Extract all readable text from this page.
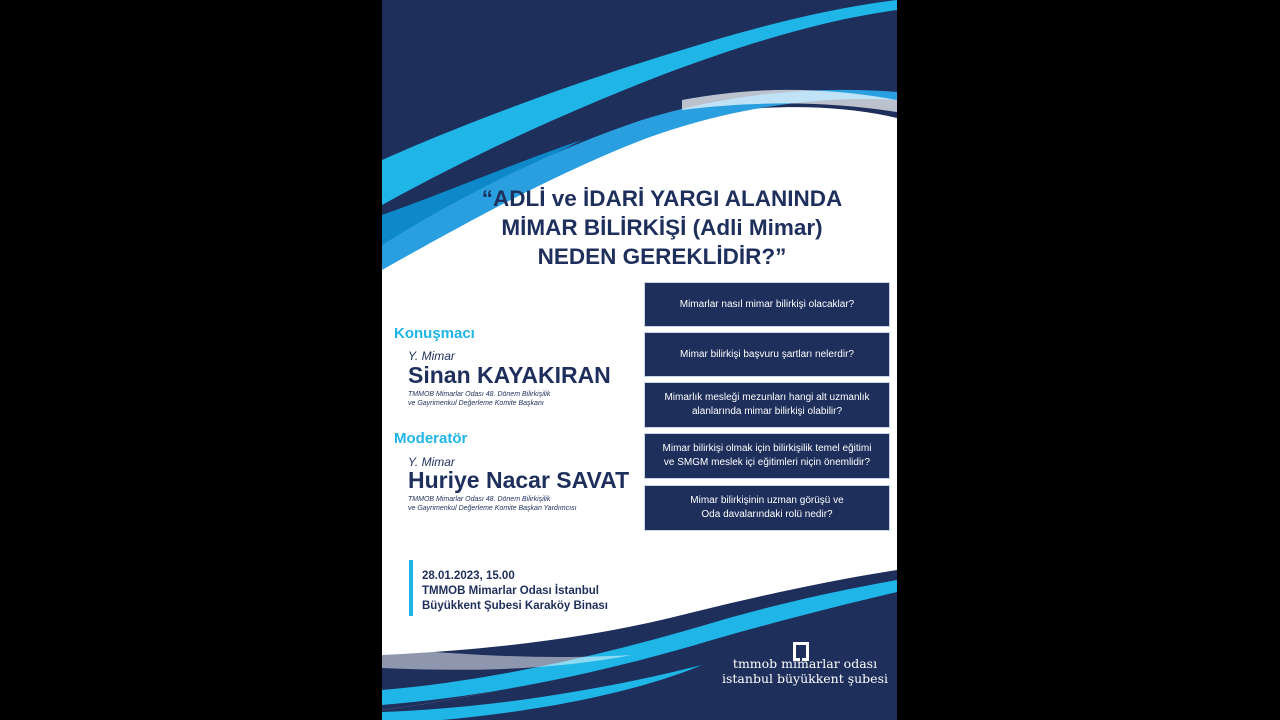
“ADLİ ve İDARİ YARGI ALANINDA
MİMAR BİLİRKİŞİ (Adli Mimar)
NEDEN GEREKLİDİR?”
Konuşmacı
Y. Mimar
Sinan KAYAKIRAN
TMMOB Mimarlar Odası 48. Dönem Bilirkişilik
ve Gayrimenkul Değerleme Komite Başkanı
Moderatör
Y. Mimar
Huriye Nacar SAVAT
TMMOB Mimarlar Odası 48. Dönem Bilirkişilik
ve Gayrimenkul Değerleme Komite Başkan Yardımcısı
Mimarlar nasıl mimar bilirkişi olacaklar?
Mimar bilirkişi başvuru şartları nelerdir?
Mimarlık mesleği mezunları hangi alt uzmanlık
alanlarında mimar bilirkişi olabilir?
Mimar bilirkişi olmak için bilirkişilik temel eğitimi
ve SMGM meslek içi eğitimleri niçin önemlidir?
Mimar bilirkişinin uzman görüşü ve
Oda davalarındaki rolü nedir?
28.01.2023, 15.00
TMMOB Mimarlar Odası İstanbul
Büyükkent Şubesi Karaköy Binası
tmmob mimarlar odası
istanbul büyükkent şubesi
